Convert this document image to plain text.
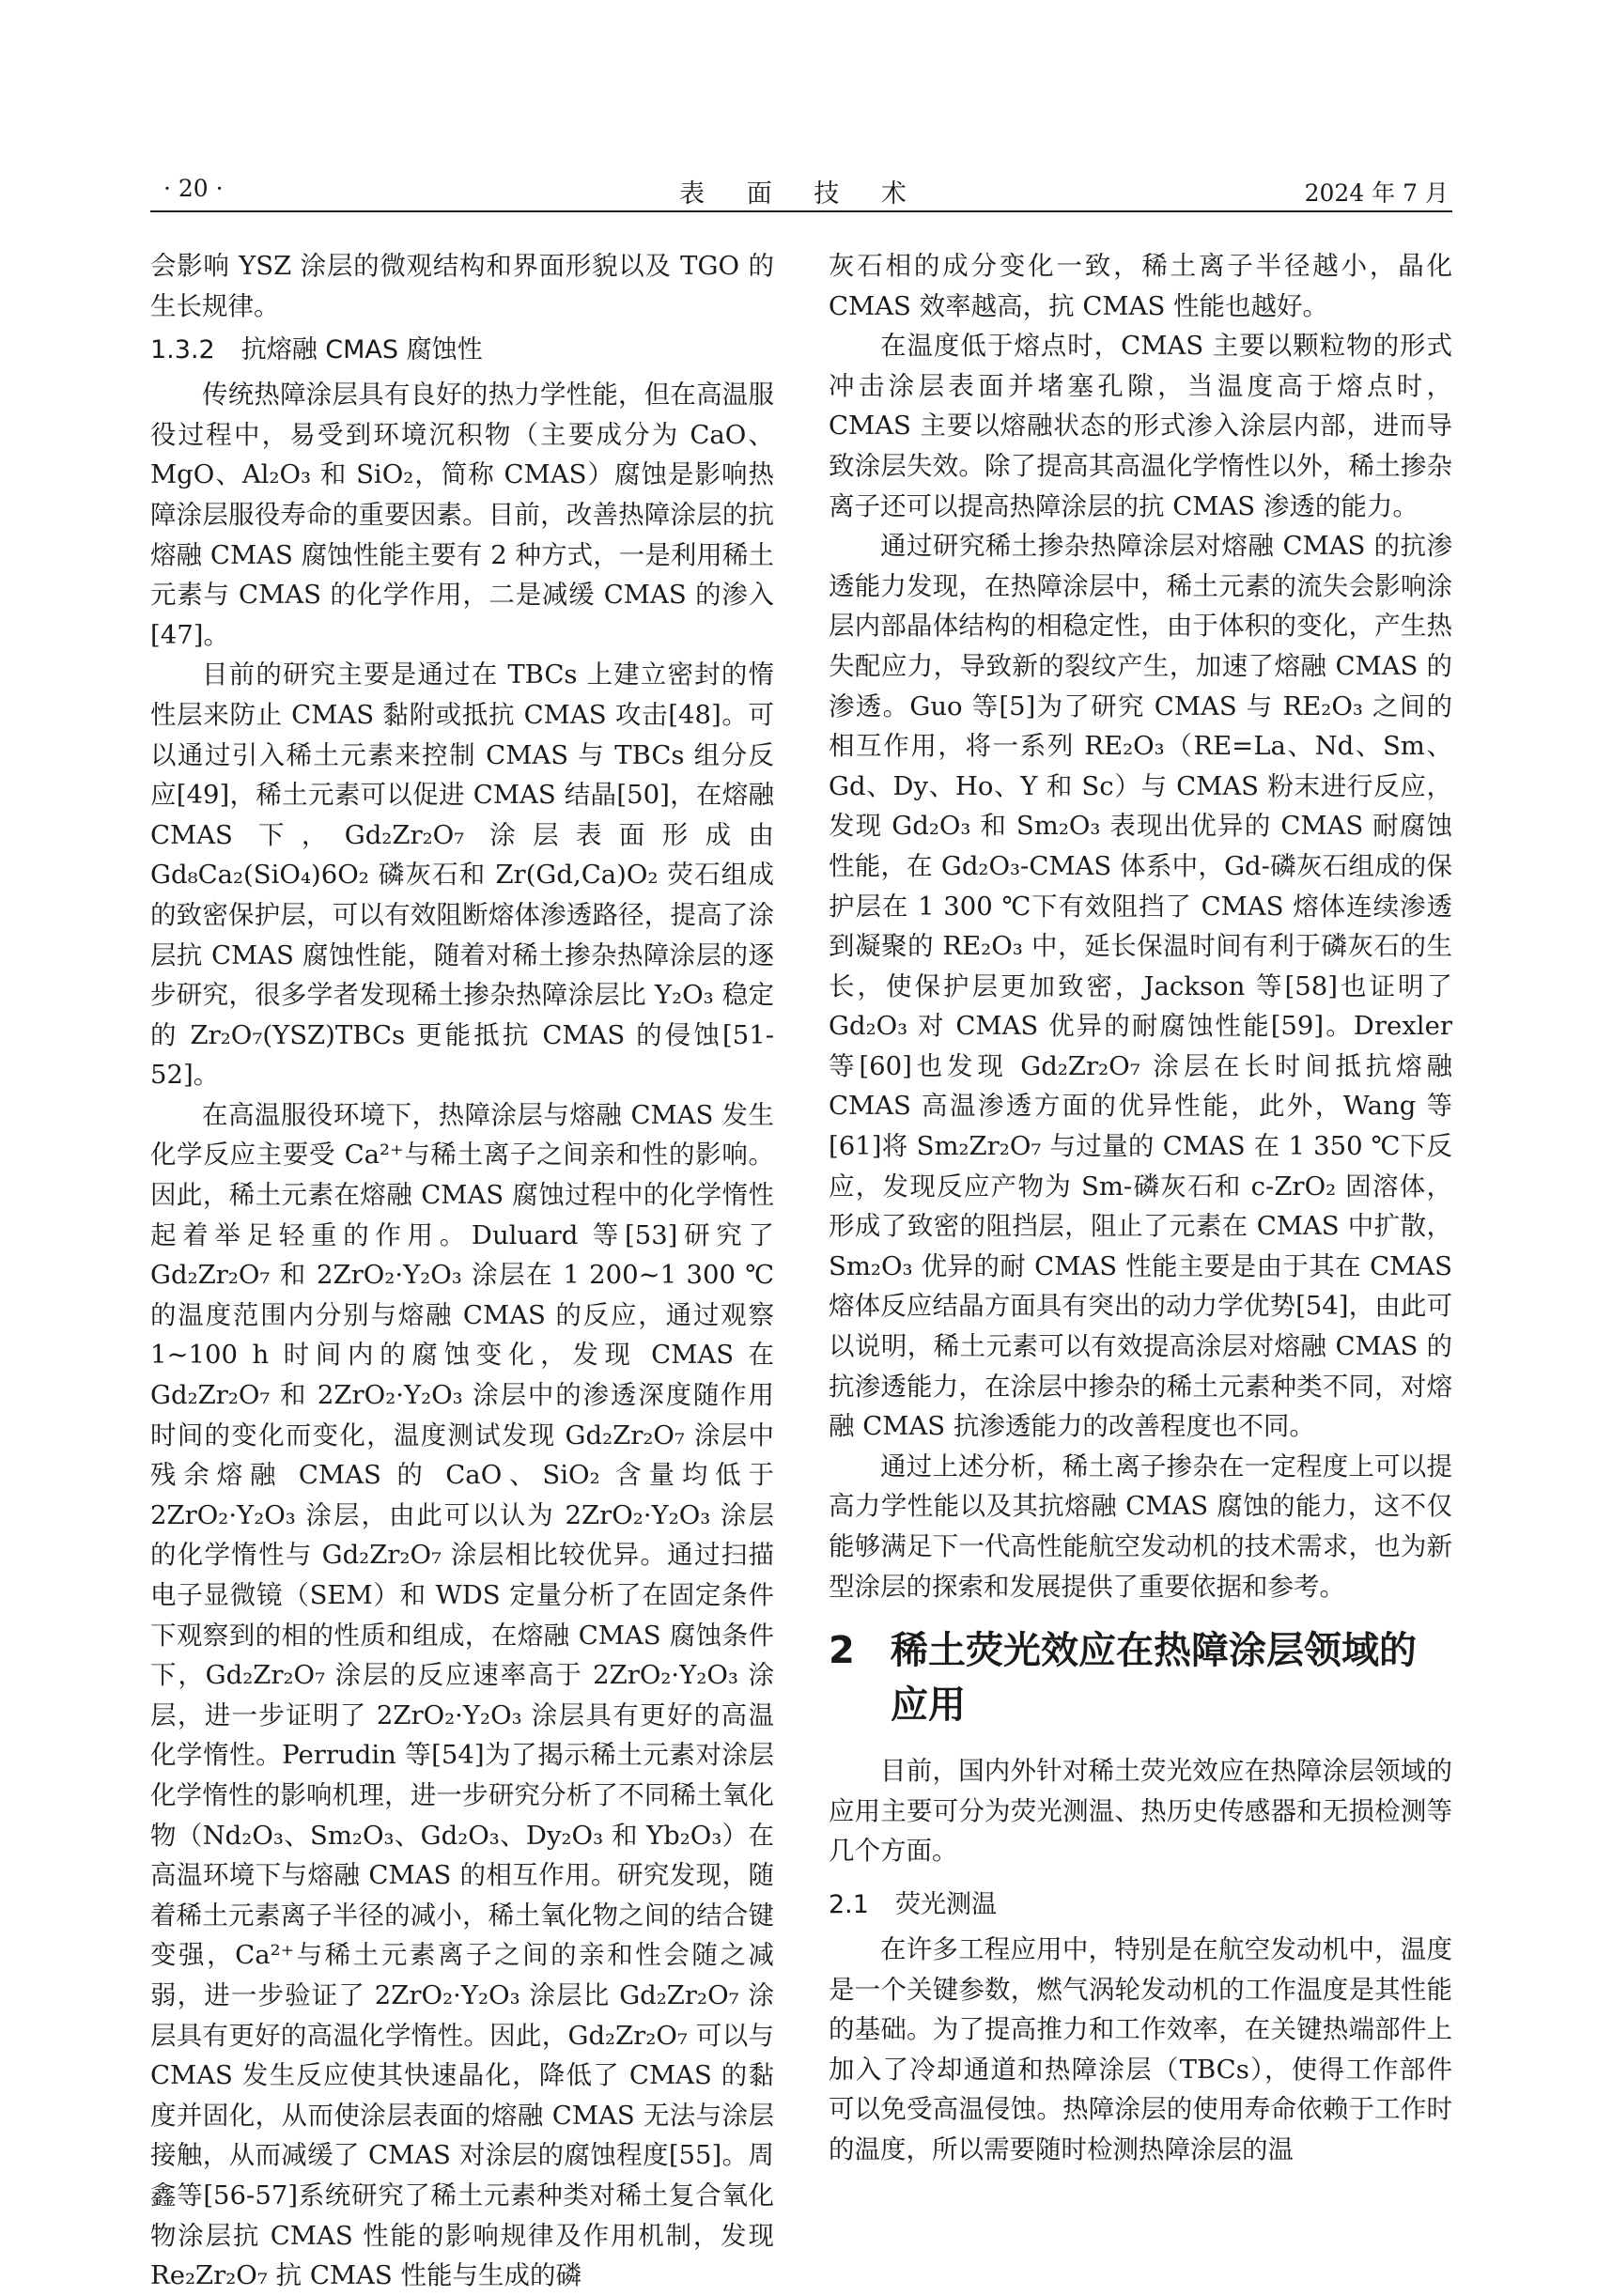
· 20 ·	表 面 技 术	2024 年 7 月

会影响 YSZ 涂层的微观结构和界面形貌以及 TGO 的生长规律。

1.3.2 抗熔融 CMAS 腐蚀性

传统热障涂层具有良好的热力学性能，但在高温服役过程中，易受到环境沉积物（主要成分为 CaO、MgO、Al₂O₃ 和 SiO₂，简称 CMAS）腐蚀是影响热障涂层服役寿命的重要因素。目前，改善热障涂层的抗熔融 CMAS 腐蚀性能主要有 2 种方式，一是利用稀土元素与 CMAS 的化学作用，二是减缓 CMAS 的渗入[47]。

目前的研究主要是通过在 TBCs 上建立密封的惰性层来防止 CMAS 黏附或抵抗 CMAS 攻击[48]。可以通过引入稀土元素来控制 CMAS 与 TBCs 组分反应[49]，稀土元素可以促进 CMAS 结晶[50]，在熔融 CMAS 下，Gd₂Zr₂O₇ 涂层表面形成由 Gd₈Ca₂(SiO₄)6O₂ 磷灰石和 Zr(Gd,Ca)O₂ 荧石组成的致密保护层，可以有效阻断熔体渗透路径，提高了涂层抗 CMAS 腐蚀性能，随着对稀土掺杂热障涂层的逐步研究，很多学者发现稀土掺杂热障涂层比 Y₂O₃ 稳定的 Zr₂O₇(YSZ)TBCs 更能抵抗 CMAS 的侵蚀[51-52]。

在高温服役环境下，热障涂层与熔融 CMAS 发生化学反应主要受 Ca²⁺与稀土离子之间亲和性的影响。因此，稀土元素在熔融 CMAS 腐蚀过程中的化学惰性起着举足轻重的作用。Duluard 等[53]研究了 Gd₂Zr₂O₇ 和 2ZrO₂·Y₂O₃ 涂层在 1 200~1 300 ℃的温度范围内分别与熔融 CMAS 的反应，通过观察 1~100 h 时间内的腐蚀变化，发现 CMAS 在 Gd₂Zr₂O₇ 和 2ZrO₂·Y₂O₃ 涂层中的渗透深度随作用时间的变化而变化，温度测试发现 Gd₂Zr₂O₇ 涂层中残余熔融 CMAS 的 CaO、SiO₂ 含量均低于 2ZrO₂·Y₂O₃ 涂层，由此可以认为 2ZrO₂·Y₂O₃ 涂层的化学惰性与 Gd₂Zr₂O₇ 涂层相比较优异。通过扫描电子显微镜（SEM）和 WDS 定量分析了在固定条件下观察到的相的性质和组成，在熔融 CMAS 腐蚀条件下，Gd₂Zr₂O₇ 涂层的反应速率高于 2ZrO₂·Y₂O₃ 涂层，进一步证明了 2ZrO₂·Y₂O₃ 涂层具有更好的高温化学惰性。Perrudin 等[54]为了揭示稀土元素对涂层化学惰性的影响机理，进一步研究分析了不同稀土氧化物（Nd₂O₃、Sm₂O₃、Gd₂O₃、Dy₂O₃ 和 Yb₂O₃）在高温环境下与熔融 CMAS 的相互作用。研究发现，随着稀土元素离子半径的减小，稀土氧化物之间的结合键变强，Ca²⁺与稀土元素离子之间的亲和性会随之减弱，进一步验证了 2ZrO₂·Y₂O₃ 涂层比 Gd₂Zr₂O₇ 涂层具有更好的高温化学惰性。因此，Gd₂Zr₂O₇ 可以与 CMAS 发生反应使其快速晶化，降低了 CMAS 的黏度并固化，从而使涂层表面的熔融 CMAS 无法与涂层接触，从而减缓了 CMAS 对涂层的腐蚀程度[55]。周鑫等[56-57]系统研究了稀土元素种类对稀土复合氧化物涂层抗 CMAS 性能的影响规律及作用机制，发现 Re₂Zr₂O₇ 抗 CMAS 性能与生成的磷

灰石相的成分变化一致，稀土离子半径越小，晶化 CMAS 效率越高，抗 CMAS 性能也越好。

在温度低于熔点时，CMAS 主要以颗粒物的形式冲击涂层表面并堵塞孔隙，当温度高于熔点时，CMAS 主要以熔融状态的形式渗入涂层内部，进而导致涂层失效。除了提高其高温化学惰性以外，稀土掺杂离子还可以提高热障涂层的抗 CMAS 渗透的能力。

通过研究稀土掺杂热障涂层对熔融 CMAS 的抗渗透能力发现，在热障涂层中，稀土元素的流失会影响涂层内部晶体结构的相稳定性，由于体积的变化，产生热失配应力，导致新的裂纹产生，加速了熔融 CMAS 的渗透。Guo 等[5]为了研究 CMAS 与 RE₂O₃ 之间的相互作用，将一系列 RE₂O₃（RE=La、Nd、Sm、Gd、Dy、Ho、Y 和 Sc）与 CMAS 粉末进行反应，发现 Gd₂O₃ 和 Sm₂O₃ 表现出优异的 CMAS 耐腐蚀性能，在 Gd₂O₃-CMAS 体系中，Gd-磷灰石组成的保护层在 1 300 ℃下有效阻挡了 CMAS 熔体连续渗透到凝聚的 RE₂O₃ 中，延长保温时间有利于磷灰石的生长，使保护层更加致密，Jackson 等[58]也证明了 Gd₂O₃ 对 CMAS 优异的耐腐蚀性能[59]。Drexler 等[60]也发现 Gd₂Zr₂O₇ 涂层在长时间抵抗熔融 CMAS 高温渗透方面的优异性能，此外，Wang 等[61]将 Sm₂Zr₂O₇ 与过量的 CMAS 在 1 350 ℃下反应，发现反应产物为 Sm-磷灰石和 c-ZrO₂ 固溶体，形成了致密的阻挡层，阻止了元素在 CMAS 中扩散，Sm₂O₃ 优异的耐 CMAS 性能主要是由于其在 CMAS 熔体反应结晶方面具有突出的动力学优势[54]，由此可以说明，稀土元素可以有效提高涂层对熔融 CMAS 的抗渗透能力，在涂层中掺杂的稀土元素种类不同，对熔融 CMAS 抗渗透能力的改善程度也不同。

通过上述分析，稀土离子掺杂在一定程度上可以提高力学性能以及其抗熔融 CMAS 腐蚀的能力，这不仅能够满足下一代高性能航空发动机的技术需求，也为新型涂层的探索和发展提供了重要依据和参考。

2 稀土荧光效应在热障涂层领域的
应用

目前，国内外针对稀土荧光效应在热障涂层领域的应用主要可分为荧光测温、热历史传感器和无损检测等几个方面。

2.1 荧光测温

在许多工程应用中，特别是在航空发动机中，温度是一个关键参数，燃气涡轮发动机的工作温度是其性能的基础。为了提高推力和工作效率，在关键热端部件上加入了冷却通道和热障涂层（TBCs），使得工作部件可以免受高温侵蚀。热障涂层的使用寿命依赖于工作时的温度，所以需要随时检测热障涂层的温
